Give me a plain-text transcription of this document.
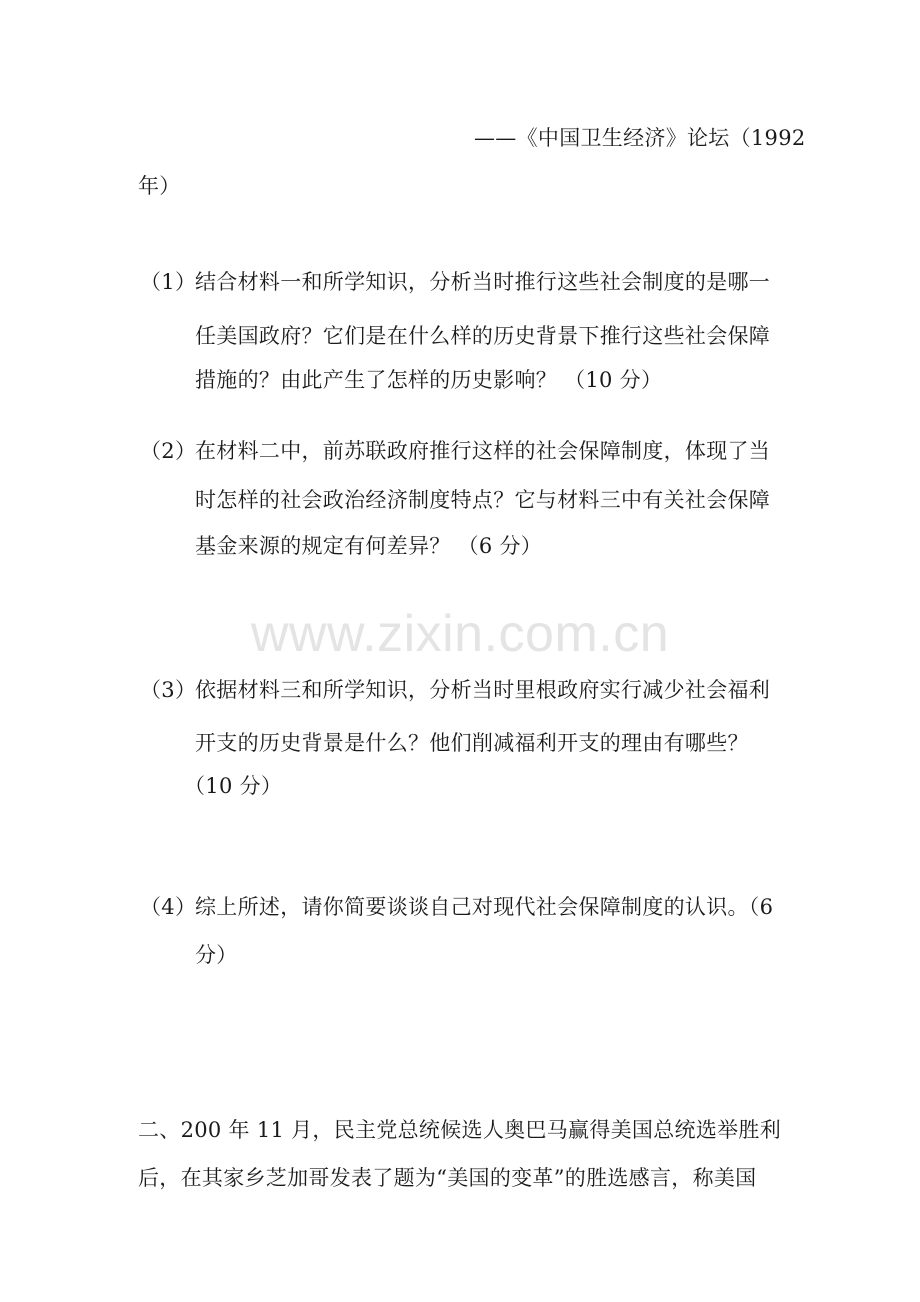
——《中国卫生经济》论坛（1992
年）
（1）
结合材料一和所学知识，分析当时推行这些社会制度的是哪一
任美国政府？它们是在什么样的历史背景下推行这些社会保障
措施的？由此产生了怎样的历史影响？ （10 分）
（2）
在材料二中，前苏联政府推行这样的社会保障制度，体现了当
时怎样的社会政治经济制度特点？它与材料三中有关社会保障
基金来源的规定有何差异？ （6 分）
www.zixin.com.cn
（3）
依据材料三和所学知识，分析当时里根政府实行减少社会福利
开支的历史背景是什么？他们削减福利开支的理由有哪些？
（10 分）
（4）
综上所述，请你简要谈谈自己对现代社会保障制度的认识。（6
分）
二、200 年 11 月，民主党总统候选人奥巴马赢得美国总统选举胜利
后，在其家乡芝加哥发表了题为“美国的变革”的胜选感言，称美国
